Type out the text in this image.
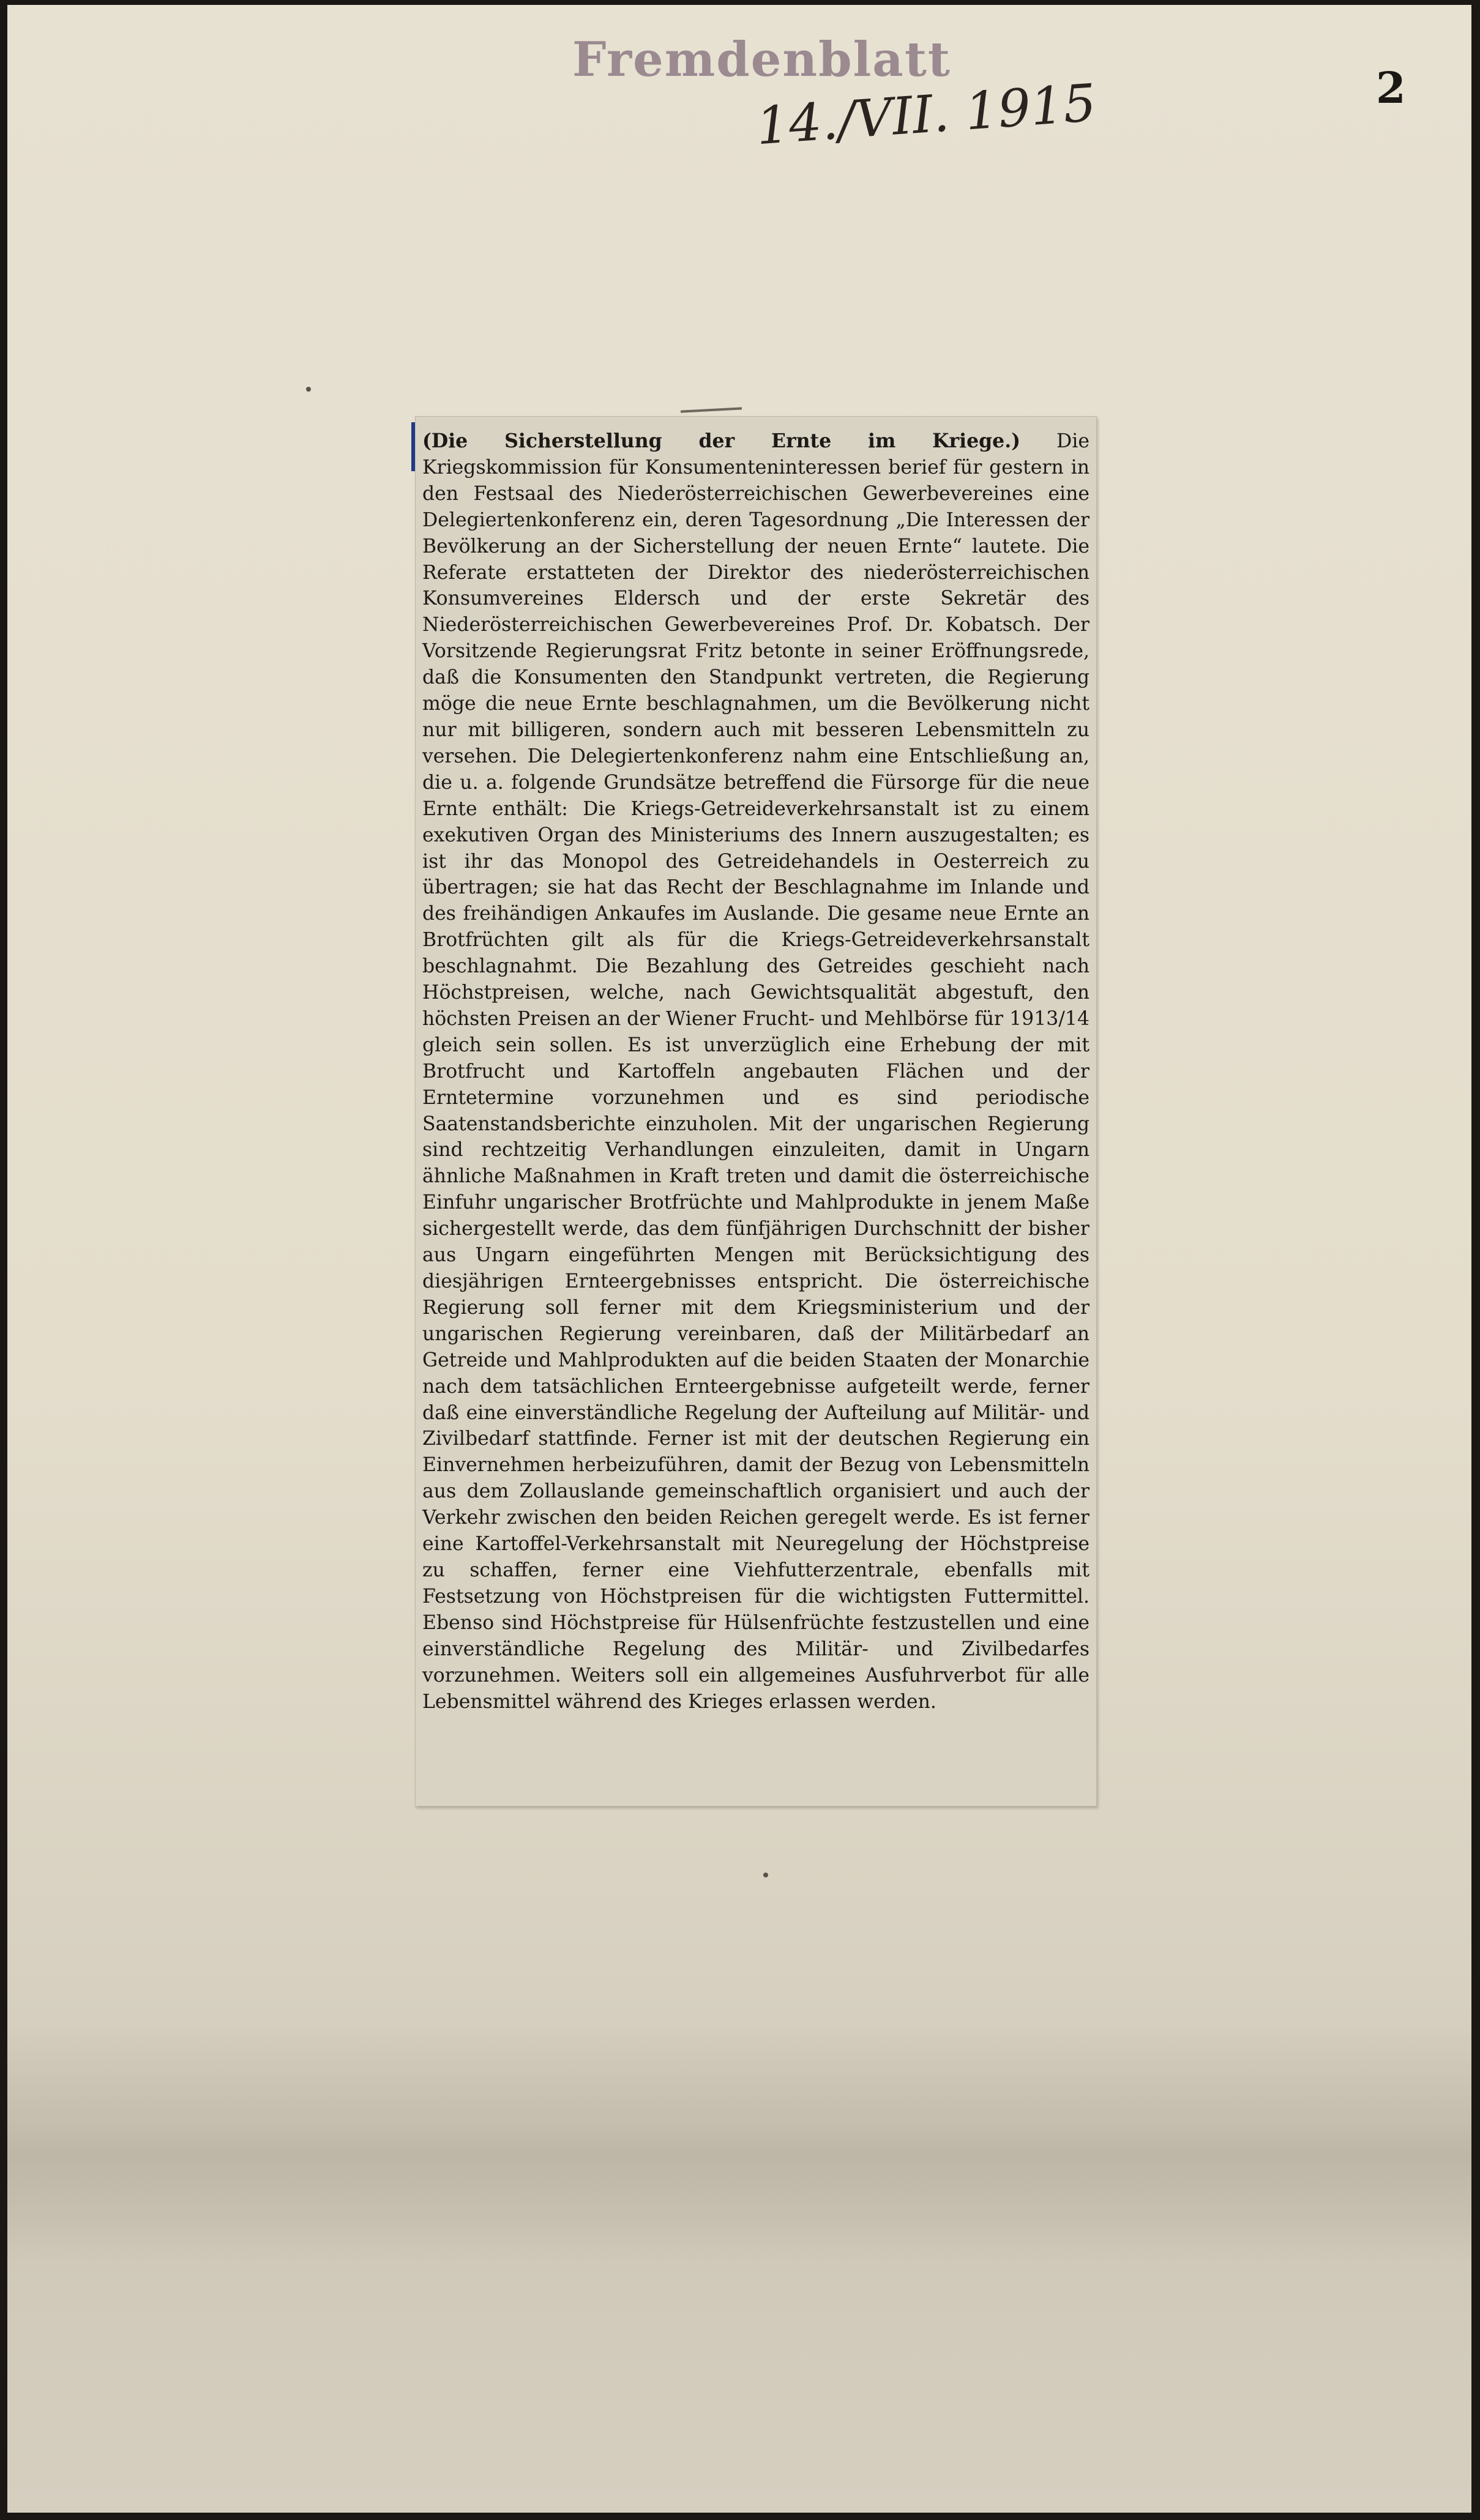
Fremdenblatt
14./VII. 1915	2

(Die Sicherstellung der Ernte im Kriege.) Die Kriegskommission für Konsumenteninteressen berief für gestern in den Festsaal des Niederösterreichischen Gewerbevereines eine Delegiertenkonferenz ein, deren Tagesordnung „Die Interessen der Bevölkerung an der Sicherstellung der neuen Ernte“ lautete. Die Referate erstatteten der Direktor des niederösterreichischen Konsumvereines Eldersch und der erste Sekretär des Niederösterreichischen Gewerbevereines Prof. Dr. Kobatsch. Der Vorsitzende Regierungsrat Fritz betonte in seiner Eröffnungsrede, daß die Konsumenten den Standpunkt vertreten, die Regierung möge die neue Ernte beschlagnahmen, um die Bevölkerung nicht nur mit billigeren, sondern auch mit besseren Lebensmitteln zu versehen. Die Delegiertenkonferenz nahm eine Entschließung an, die u. a. folgende Grundsätze betreffend die Fürsorge für die neue Ernte enthält: Die Kriegs-Getreideverkehrsanstalt ist zu einem exekutiven Organ des Ministeriums des Innern auszugestalten; es ist ihr das Monopol des Getreidehandels in Oesterreich zu übertragen; sie hat das Recht der Beschlagnahme im Inlande und des freihändigen Ankaufes im Auslande. Die gesame neue Ernte an Brotfrüchten gilt als für die Kriegs-Getreideverkehrsanstalt beschlagnahmt. Die Bezahlung des Getreides geschieht nach Höchstpreisen, welche, nach Gewichtsqualität abgestuft, den höchsten Preisen an der Wiener Frucht- und Mehlbörse für 1913/14 gleich sein sollen. Es ist unverzüglich eine Erhebung der mit Brotfrucht und Kartoffeln angebauten Flächen und der Erntetermine vorzunehmen und es sind periodische Saatenstandsberichte einzuholen. Mit der ungarischen Regierung sind rechtzeitig Verhandlungen einzuleiten, damit in Ungarn ähnliche Maßnahmen in Kraft treten und damit die österreichische Einfuhr ungarischer Brotfrüchte und Mahlprodukte in jenem Maße sichergestellt werde, das dem fünfjährigen Durchschnitt der bisher aus Ungarn eingeführten Mengen mit Berücksichtigung des diesjährigen Ernteergebnisses entspricht. Die österreichische Regierung soll ferner mit dem Kriegsministerium und der ungarischen Regierung vereinbaren, daß der Militärbedarf an Getreide und Mahlprodukten auf die beiden Staaten der Monarchie nach dem tatsächlichen Ernteergebnisse aufgeteilt werde, ferner daß eine einverständliche Regelung der Aufteilung auf Militär- und Zivilbedarf stattfinde. Ferner ist mit der deutschen Regierung ein Einvernehmen herbeizuführen, damit der Bezug von Lebensmitteln aus dem Zollauslande gemeinschaftlich organisiert und auch der Verkehr zwischen den beiden Reichen geregelt werde. Es ist ferner eine Kartoffel-Verkehrsanstalt mit Neuregelung der Höchstpreise zu schaffen, ferner eine Viehfutterzentrale, ebenfalls mit Festsetzung von Höchstpreisen für die wichtigsten Futtermittel. Ebenso sind Höchstpreise für Hülsenfrüchte festzustellen und eine einverständliche Regelung des Militär- und Zivilbedarfes vorzunehmen. Weiters soll ein allgemeines Ausfuhrverbot für alle Lebensmittel während des Krieges erlassen werden.
